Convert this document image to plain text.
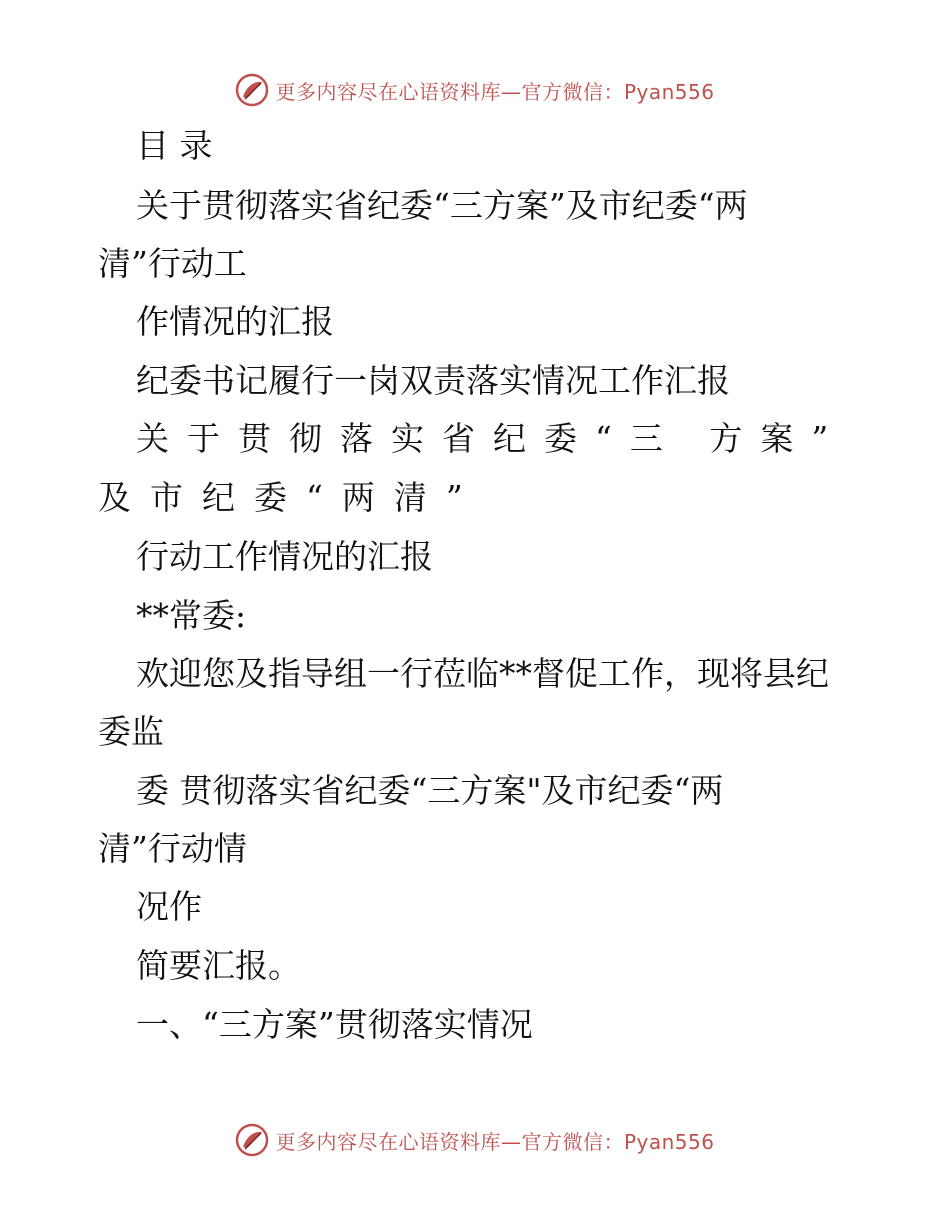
更多内容尽在心语资料库—官方微信：Pyan556
目 录
关于贯彻落实省纪委“三方案”及市纪委“两
清”行动工
作情况的汇报
纪委书记履行一岗双责落实情况工作汇报
关于贯彻落实省纪委“三 方案”
及市纪委“两清”
行动工作情况的汇报
**常委:
欢迎您及指导组一行莅临**督促工作，现将县纪
委监
委 贯彻落实省纪委“三方案"及市纪委“两
清”行动情
况作
简要汇报。
一、“三方案”贯彻落实情况
更多内容尽在心语资料库—官方微信：Pyan556
